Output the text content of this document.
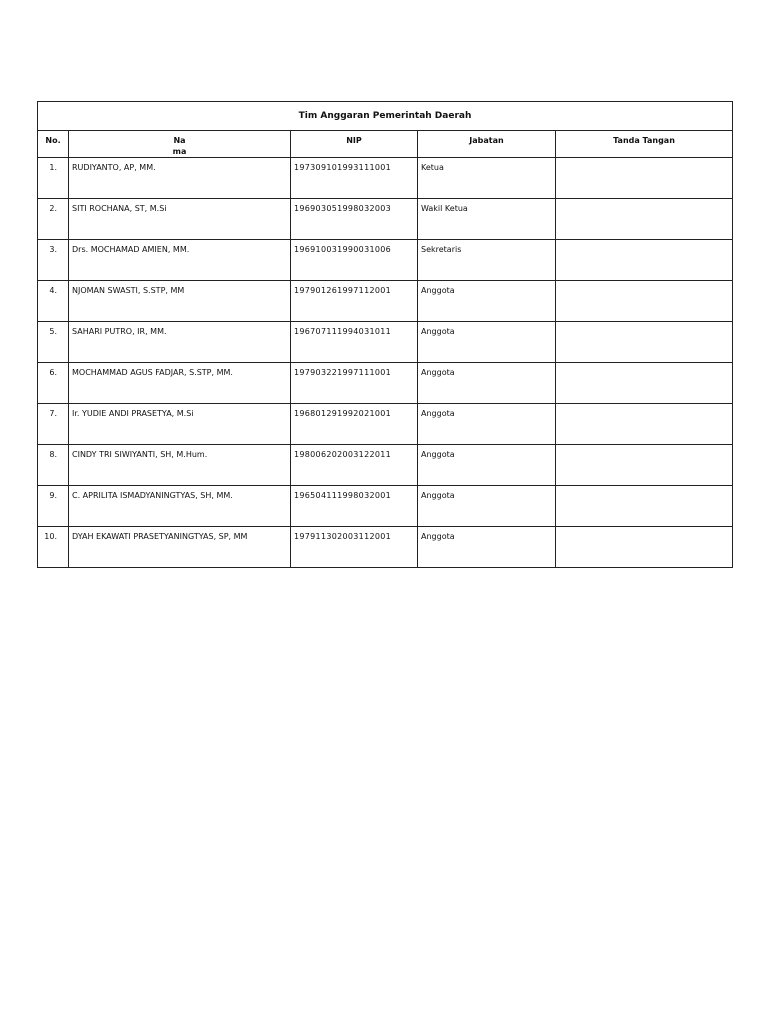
Tim Anggaran Pemerintah Daerah				
No.	Nama	NIP	Jabatan	Tanda Tangan
1.	RUDIYANTO, AP, MM.	197309101993111001	Ketua	
2.	SITI ROCHANA, ST, M.Si	196903051998032003	Wakil Ketua	
3.	Drs. MOCHAMAD AMIEN, MM.	196910031990031006	Sekretaris	
4.	NJOMAN SWASTI, S.STP, MM	197901261997112001	Anggota	
5.	SAHARI PUTRO, IR, MM.	196707111994031011	Anggota	
6.	MOCHAMMAD AGUS FADJAR, S.STP, MM.	197903221997111001	Anggota	
7.	Ir. YUDIE ANDI PRASETYA, M.Si	196801291992021001	Anggota	
8.	CINDY TRI SIWIYANTI, SH, M.Hum.	198006202003122011	Anggota	
9.	C. APRILITA ISMADYANINGTYAS, SH, MM.	196504111998032001	Anggota	
10.	DYAH EKAWATI PRASETYANINGTYAS, SP, MM	197911302003112001	Anggota	
